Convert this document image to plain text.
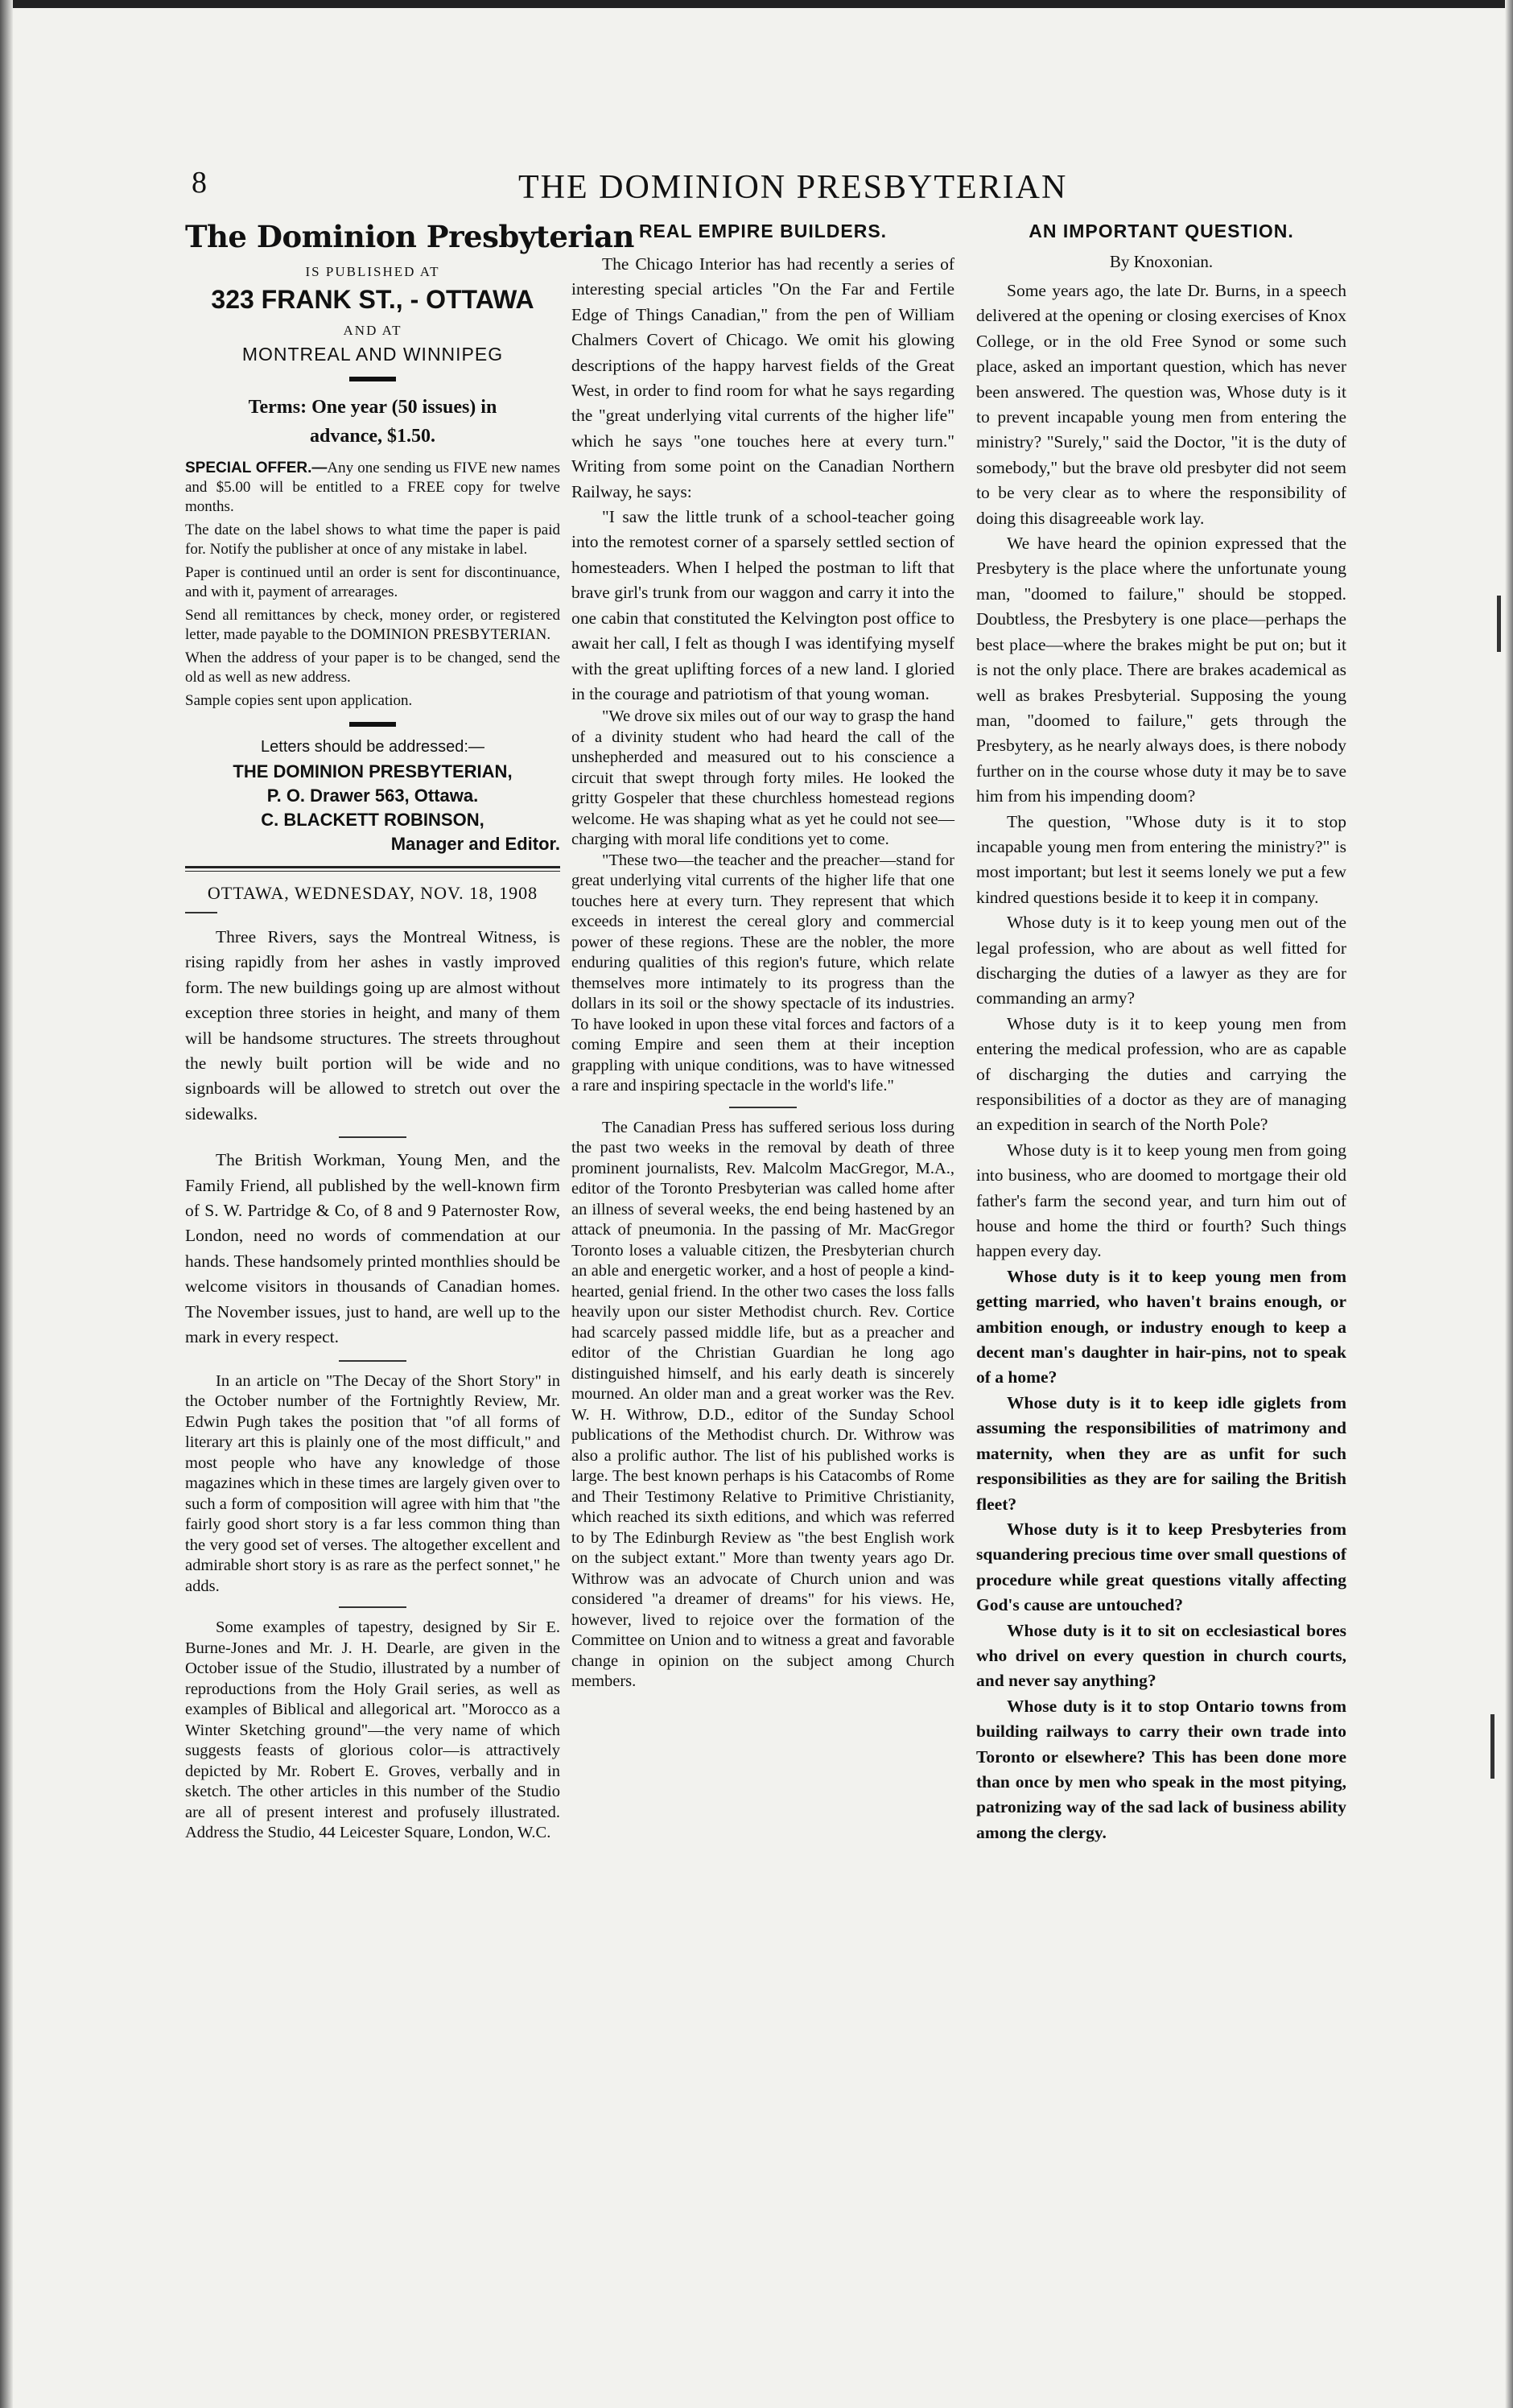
8	THE DOMINION PRESBYTERIAN
The Dominion Presbyterian
IS PUBLISHED AT
323 FRANK ST., - OTTAWA
AND AT
MONTREAL AND WINNIPEG
Terms: One year (50 issues) in
advance, $1.50.

SPECIAL OFFER.—Any one sending us FIVE new names and $5.00 will be entitled to a FREE copy for twelve months.

The date on the label shows to what time the paper is paid for. Notify the publisher at once of any mistake in label.

Paper is continued until an order is sent for discontinuance, and with it, payment of arrearages.

Send all remittances by check, money order, or registered letter, made payable to the DOMINION PRESBYTERIAN.

When the address of your paper is to be changed, send the old as well as new address.

Sample copies sent upon application.

Letters should be addressed:—
THE DOMINION PRESBYTERIAN,
P. O. Drawer 563, Ottawa.
C. BLACKETT ROBINSON,
Manager and Editor.
OTTAWA, WEDNESDAY, NOV. 18, 1908

Three Rivers, says the Montreal Witness, is rising rapidly from her ashes in vastly improved form. The new buildings going up are almost without exception three stories in height, and many of them will be handsome structures. The streets throughout the newly built portion will be wide and no signboards will be allowed to stretch out over the sidewalks.

The British Workman, Young Men, and the Family Friend, all published by the well-known firm of S. W. Partridge & Co, of 8 and 9 Paternoster Row, London, need no words of commendation at our hands. These handsomely printed monthlies should be welcome visitors in thousands of Canadian homes. The November issues, just to hand, are well up to the mark in every respect.

In an article on "The Decay of the Short Story" in the October number of the Fortnightly Review, Mr. Edwin Pugh takes the position that "of all forms of literary art this is plainly one of the most difficult," and most people who have any knowledge of those magazines which in these times are largely given over to such a form of composition will agree with him that "the fairly good short story is a far less common thing than the very good set of verses. The altogether excellent and admirable short story is as rare as the perfect sonnet," he adds.

Some examples of tapestry, designed by Sir E. Burne-Jones and Mr. J. H. Dearle, are given in the October issue of the Studio, illustrated by a number of reproductions from the Holy Grail series, as well as examples of Biblical and allegorical art. "Morocco as a Winter Sketching ground"—the very name of which suggests feasts of glorious color—is attractively depicted by Mr. Robert E. Groves, verbally and in sketch. The other articles in this number of the Studio are all of present interest and profusely illustrated. Address the Studio, 44 Leicester Square, London, W.C.

REAL EMPIRE BUILDERS.

The Chicago Interior has had recently a series of interesting special articles "On the Far and Fertile Edge of Things Canadian," from the pen of William Chalmers Covert of Chicago. We omit his glowing descriptions of the happy harvest fields of the Great West, in order to find room for what he says regarding the "great underlying vital currents of the higher life" which he says "one touches here at every turn." Writing from some point on the Canadian Northern Railway, he says:

"I saw the little trunk of a school-teacher going into the remotest corner of a sparsely settled section of homesteaders. When I helped the postman to lift that brave girl's trunk from our waggon and carry it into the one cabin that constituted the Kelvington post office to await her call, I felt as though I was identifying myself with the great uplifting forces of a new land. I gloried in the courage and patriotism of that young woman.

"We drove six miles out of our way to grasp the hand of a divinity student who had heard the call of the unshepherded and measured out to his conscience a circuit that swept through forty miles. He looked the gritty Gospeler that these churchless homestead regions welcome. He was shaping what as yet he could not see—charging with moral life conditions yet to come.

"These two—the teacher and the preacher—stand for great underlying vital currents of the higher life that one touches here at every turn. They represent that which exceeds in interest the cereal glory and commercial power of these regions. These are the nobler, the more enduring qualities of this region's future, which relate themselves more intimately to its progress than the dollars in its soil or the showy spectacle of its industries. To have looked in upon these vital forces and factors of a coming Empire and seen them at their inception grappling with unique conditions, was to have witnessed a rare and inspiring spectacle in the world's life."

The Canadian Press has suffered serious loss during the past two weeks in the removal by death of three prominent journalists, Rev. Malcolm MacGregor, M.A., editor of the Toronto Presbyterian was called home after an illness of several weeks, the end being hastened by an attack of pneumonia. In the passing of Mr. MacGregor Toronto loses a valuable citizen, the Presbyterian church an able and energetic worker, and a host of people a kind-hearted, genial friend. In the other two cases the loss falls heavily upon our sister Methodist church. Rev. Cortice had scarcely passed middle life, but as a preacher and editor of the Christian Guardian he long ago distinguished himself, and his early death is sincerely mourned. An older man and a great worker was the Rev. W. H. Withrow, D.D., editor of the Sunday School publications of the Methodist church. Dr. Withrow was also a prolific author. The list of his published works is large. The best known perhaps is his Catacombs of Rome and Their Testimony Relative to Primitive Christianity, which reached its sixth editions, and which was referred to by The Edinburgh Review as "the best English work on the subject extant." More than twenty years ago Dr. Withrow was an advocate of Church union and was considered "a dreamer of dreams" for his views. He, however, lived to rejoice over the formation of the Committee on Union and to witness a great and favorable change in opinion on the subject among Church members.

AN IMPORTANT QUESTION.
By Knoxonian.

Some years ago, the late Dr. Burns, in a speech delivered at the opening or closing exercises of Knox College, or in the old Free Synod or some such place, asked an important question, which has never been answered. The question was, Whose duty is it to prevent incapable young men from entering the ministry? "Surely," said the Doctor, "it is the duty of somebody," but the brave old presbyter did not seem to be very clear as to where the responsibility of doing this disagreeable work lay.

We have heard the opinion expressed that the Presbytery is the place where the unfortunate young man, "doomed to failure," should be stopped. Doubtless, the Presbytery is one place—perhaps the best place—where the brakes might be put on; but it is not the only place. There are brakes academical as well as brakes Presbyterial. Supposing the young man, "doomed to failure," gets through the Presbytery, as he nearly always does, is there nobody further on in the course whose duty it may be to save him from his impending doom?

The question, "Whose duty is it to stop incapable young men from entering the ministry?" is most important; but lest it seems lonely we put a few kindred questions beside it to keep it in company.

Whose duty is it to keep young men out of the legal profession, who are about as well fitted for discharging the duties of a lawyer as they are for commanding an army?

Whose duty is it to keep young men from entering the medical profession, who are as capable of discharging the duties and carrying the responsibilities of a doctor as they are of managing an expedition in search of the North Pole?

Whose duty is it to keep young men from going into business, who are doomed to mortgage their old father's farm the second year, and turn him out of house and home the third or fourth? Such things happen every day.

Whose duty is it to keep young men from getting married, who haven't brains enough, or ambition enough, or industry enough to keep a decent man's daughter in hair-pins, not to speak of a home?

Whose duty is it to keep idle giglets from assuming the responsibilities of matrimony and maternity, when they are as unfit for such responsibilities as they are for sailing the British fleet?

Whose duty is it to keep Presbyteries from squandering precious time over small questions of procedure while great questions vitally affecting God's cause are untouched?

Whose duty is it to sit on ecclesiastical bores who drivel on every question in church courts, and never say anything?

Whose duty is it to stop Ontario towns from building railways to carry their own trade into Toronto or elsewhere? This has been done more than once by men who speak in the most pitying, patronizing way of the sad lack of business ability among the clergy.
